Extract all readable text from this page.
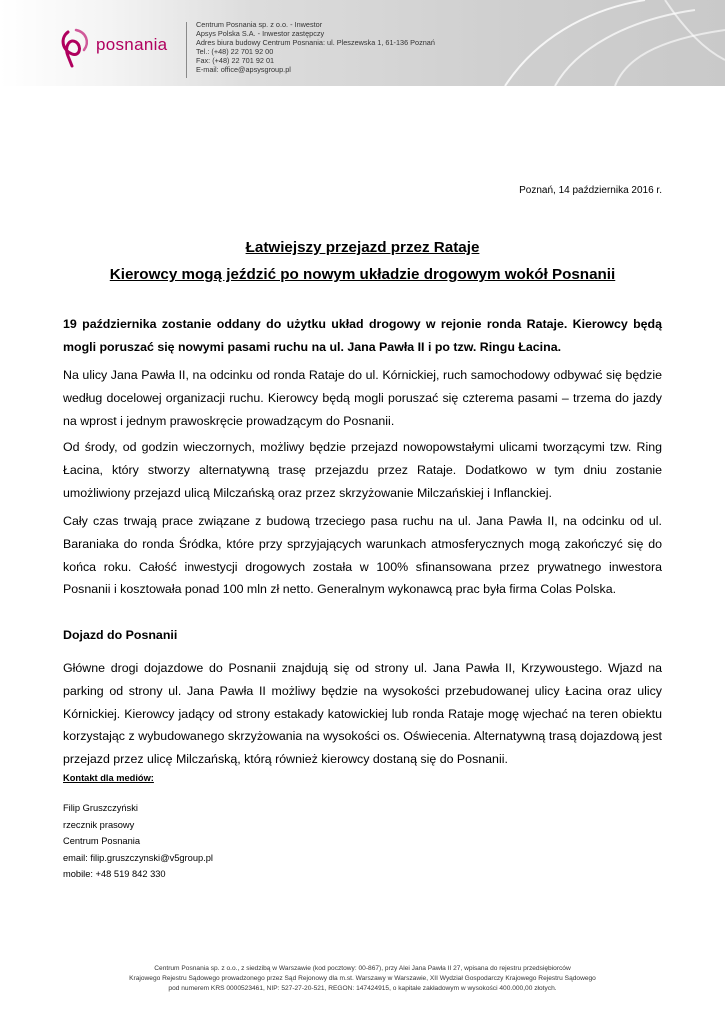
posnania
Centrum Posnania sp. z o.o. - Inwestor
Apsys Polska S.A. - Inwestor zastępczy
Adres biura budowy Centrum Posnania: ul. Pleszewska 1, 61-136 Poznań
Tel.: (+48) 22 701 92 00
Fax: (+48) 22 701 92 01
E-mail: office@apsysgroup.pl
Poznań, 14 października 2016 r.
Łatwiejszy przejazd przez Rataje
Kierowcy mogą jeździć po nowym układzie drogowym wokół Posnanii

19 października zostanie oddany do użytku układ drogowy w rejonie ronda Rataje. Kierowcy będą mogli poruszać się nowymi pasami ruchu na ul. Jana Pawła II i po tzw. Ringu Łacina.

Na ulicy Jana Pawła II, na odcinku od ronda Rataje do ul. Kórnickiej, ruch samochodowy odbywać się będzie według docelowej organizacji ruchu. Kierowcy będą mogli poruszać się czterema pasami – trzema do jazdy na wprost i jednym prawoskręcie prowadzącym do Posnanii.

Od środy, od godzin wieczornych, możliwy będzie przejazd nowopowstałymi ulicami tworzącymi tzw. Ring Łacina, który stworzy alternatywną trasę przejazdu przez Rataje. Dodatkowo w tym dniu zostanie umożliwiony przejazd ulicą Milczańską oraz przez skrzyżowanie Milczańskiej i Inflanckiej.

Cały czas trwają prace związane z budową trzeciego pasa ruchu na ul. Jana Pawła II, na odcinku od ul. Baraniaka do ronda Śródka, które przy sprzyjających warunkach atmosferycznych mogą zakończyć się do końca roku. Całość inwestycji drogowych została w 100% sfinansowana przez prywatnego inwestora Posnanii i kosztowała ponad 100 mln zł netto. Generalnym wykonawcą prac była firma Colas Polska.

Dojazd do Posnanii

Główne drogi dojazdowe do Posnanii znajdują się od strony ul. Jana Pawła II, Krzywoustego. Wjazd na parking od strony ul. Jana Pawła II możliwy będzie na wysokości przebudowanej ulicy Łacina oraz ulicy Kórnickiej. Kierowcy jadący od strony estakady katowickiej lub ronda Rataje mogę wjechać na teren obiektu korzystając z wybudowanego skrzyżowania na wysokości os. Oświecenia. Alternatywną trasą dojazdową jest przejazd przez ulicę Milczańską, którą również kierowcy dostaną się do Posnanii.

Kontakt dla mediów:
Filip Gruszczyński
rzecznik prasowy
Centrum Posnania
email: filip.gruszczynski@v5group.pl
mobile: +48 519 842 330
Centrum Posnania sp. z o.o., z siedzibą w Warszawie (kod pocztowy: 00-867), przy Alei Jana Pawła II 27, wpisana do rejestru przedsiębiorców
Krajowego Rejestru Sądowego prowadzonego przez Sąd Rejonowy dla m.st. Warszawy w Warszawie, XII Wydział Gospodarczy Krajowego Rejestru Sądowego
pod numerem KRS 0000523461, NIP: 527-27-20-521, REGON: 147424915, o kapitale zakładowym w wysokości 400.000,00 złotych.
